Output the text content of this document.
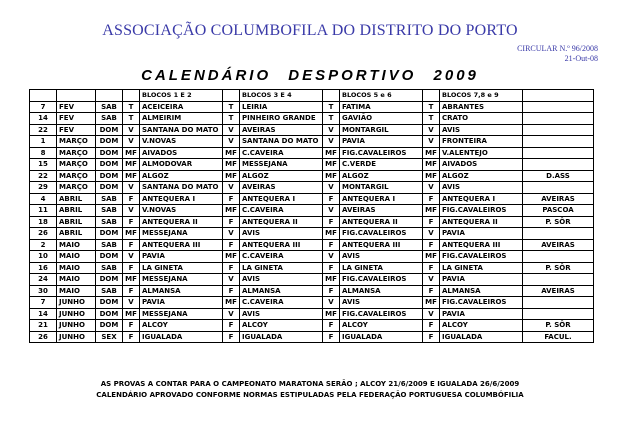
ASSOCIAÇÃO COLUMBOFILA DO DISTRITO DO PORTO
CIRCULAR N.º 96/2008
21-Out-08
CALENDÁRIO DESPORTIVO 2009
				BLOCOS 1 E 2		BLOCOS 3 E 4		BLOCOS 5 e 6		BLOCOS 7,8 e 9	
7	FEV	SAB	T	ACEICEIRA	T	LEIRIA	T	FATIMA	T	ABRANTES	
14	FEV	SAB	T	ALMEIRIM	T	PINHEIRO GRANDE	T	GAVIÃO	T	CRATO	
22	FEV	DOM	V	SANTANA DO MATO	V	AVEIRAS	V	MONTARGIL	V	AVIS	
1	MARÇO	DOM	V	V.NOVAS	V	SANTANA DO MATO	V	PAVIA	V	FRONTEIRA	
8	MARÇO	DOM	MF	AIVADOS	MF	C.CAVEIRA	MF	FIG.CAVALEIROS	MF	V.ALENTEJO	
15	MARÇO	DOM	MF	ALMODOVAR	MF	MESSEJANA	MF	C.VERDE	MF	AIVADOS	
22	MARÇO	DOM	MF	ALGOZ	MF	ALGOZ	MF	ALGOZ	MF	ALGOZ	D.ASS
29	MARÇO	DOM	V	SANTANA DO MATO	V	AVEIRAS	V	MONTARGIL	V	AVIS	
4	ABRIL	SAB	F	ANTEQUERA I	F	ANTEQUERA I	F	ANTEQUERA I	F	ANTEQUERA I	AVEIRAS
11	ABRIL	SAB	V	V.NOVAS	MF	C.CAVEIRA	V	AVEIRAS	MF	FIG.CAVALEIROS	PASCOA
18	ABRIL	SAB	F	ANTEQUERA II	F	ANTEQUERA II	F	ANTEQUERA II	F	ANTEQUERA II	P. SÔR
26	ABRIL	DOM	MF	MESSEJANA	V	AVIS	MF	FIG.CAVALEIROS	V	PAVIA	
2	MAIO	SAB	F	ANTEQUERA III	F	ANTEQUERA III	F	ANTEQUERA III	F	ANTEQUERA III	AVEIRAS
10	MAIO	DOM	V	PAVIA	MF	C.CAVEIRA	V	AVIS	MF	FIG.CAVALEIROS	
16	MAIO	SAB	F	LA GINETA	F	LA GINETA	F	LA GINETA	F	LA GINETA	P. SÔR
24	MAIO	DOM	MF	MESSEJANA	V	AVIS	MF	FIG.CAVALEIROS	V	PAVIA	
30	MAIO	SAB	F	ALMANSA	F	ALMANSA	F	ALMANSA	F	ALMANSA	AVEIRAS
7	JUNHO	DOM	V	PAVIA	MF	C.CAVEIRA	V	AVIS	MF	FIG.CAVALEIROS	
14	JUNHO	DOM	MF	MESSEJANA	V	AVIS	MF	FIG.CAVALEIROS	V	PAVIA	
21	JUNHO	DOM	F	ALCOY	F	ALCOY	F	ALCOY	F	ALCOY	P. SÔR
26	JUNHO	SEX	F	IGUALADA	F	IGUALADA	F	IGUALADA	F	IGUALADA	FACUL.
AS PROVAS A CONTAR PARA O CAMPEONATO MARATONA SERÃO ; ALCOY 21/6/2009 E IGUALADA 26/6/2009
CALENDÁRIO APROVADO CONFORME NORMAS ESTIPULADAS PELA FEDERAÇÃO PORTUGUESA COLUMBÓFILIA
